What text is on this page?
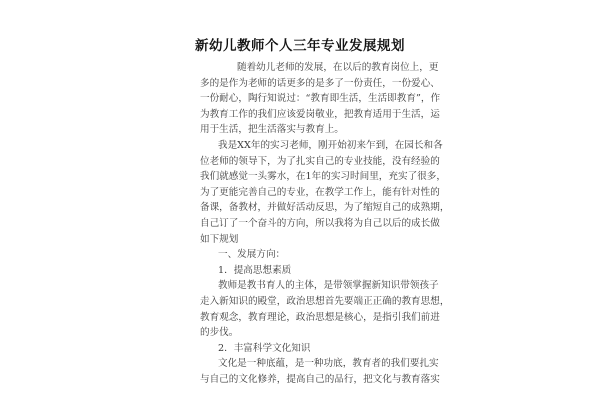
新幼儿教师个人三年专业发展规划
随着幼儿老师的发展，在以后的教育岗位上，更
多的是作为老师的话更多的是多了一份责任，一份爱心、
一份耐心，陶行知说过：“教育即生活，生活即教育”，作
为教育工作的我们应该爱岗敬业，把教育适用于生活，运
用于生活，把生活落实与教育上。
我是XX年的实习老师，刚开始初来乍到，在园长和各
位老师的领导下，为了扎实自己的专业技能，没有经验的
我们就感觉一头雾水，在1年的实习时间里，充实了很多，
为了更能完善自己的专业，在教学工作上，能有针对性的
备课，备教材，并做好活动反思，为了缩短自己的成熟期，
自己订了一个奋斗的方向，所以我将为自己以后的成长做
如下规划
一、发展方向：
1．提高思想素质
教师是教书育人的主体，是带领掌握新知识带领孩子
走入新知识的殿堂，政治思想首先要端正正确的教育思想，
教育观念，教育理论，政治思想是核心，是指引我们前进
的步伐。
2．丰富科学文化知识
文化是一种底蕴，是一种功底，教育者的我们要扎实
与自己的文化修养，提高自己的品行，把文化与教育落实
